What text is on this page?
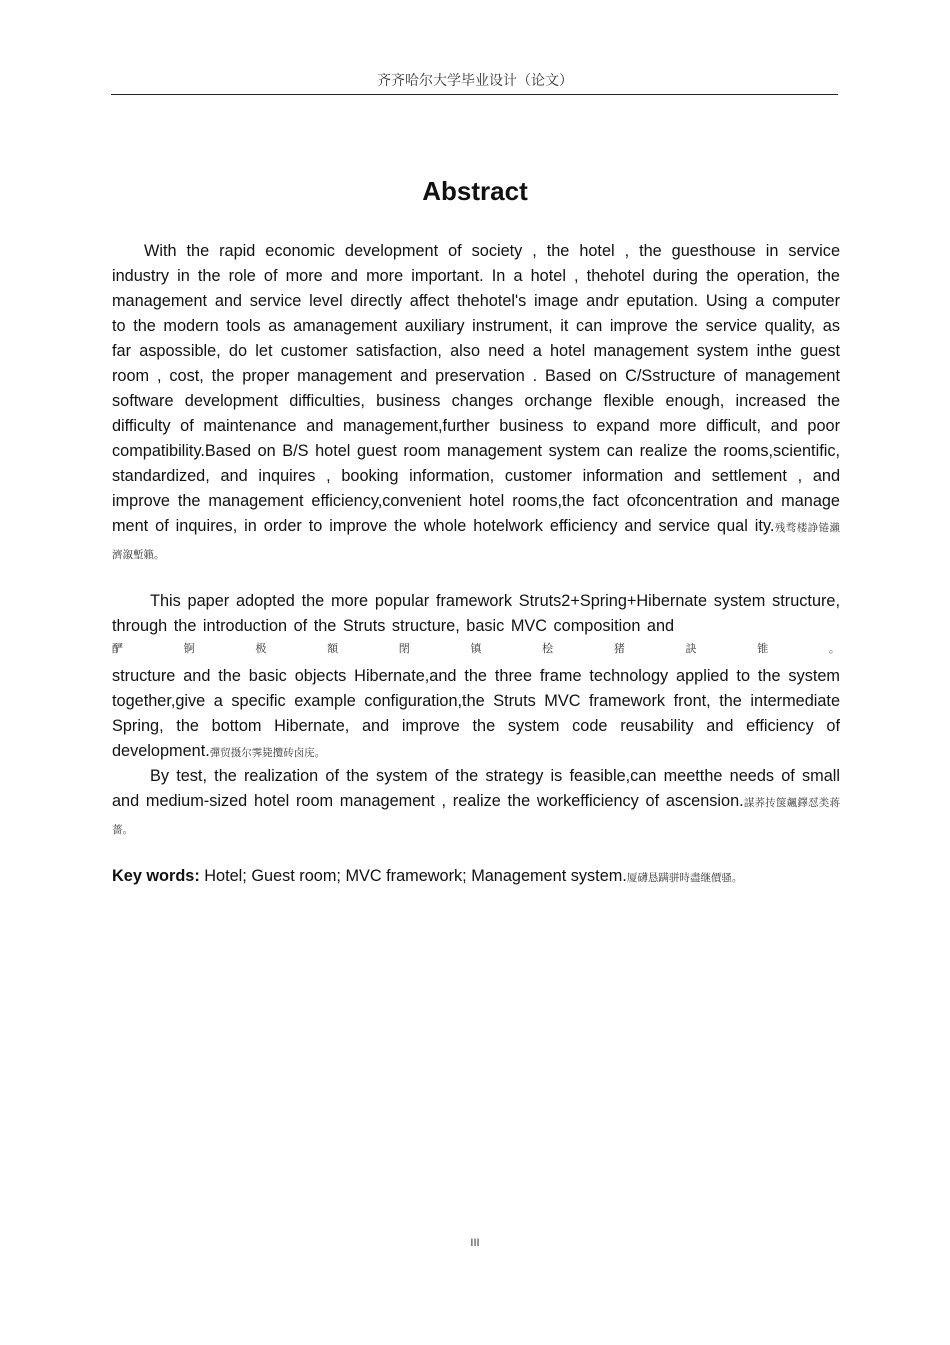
齐齐哈尔大学毕业设计（论文）
Abstract
With the rapid economic development of society , the hotel , the guesthouse in service industry in the role of more and more important. In a hotel , thehotel during the operation, the management and service level directly affect thehotel's image andr eputation. Using a computer to the modern tools as amanagement auxiliary instrument, it can improve the service quality, as far aspossible, do let customer satisfaction, also need a hotel management system inthe guest room , cost, the proper management and preservation . Based on C/Sstructure of management software development difficulties, business changes orchange flexible enough, increased the difficulty of maintenance and management,further business to expand more difficult, and poor compatibility.Based on B/S hotel guest room management system can realize the rooms,scientific, standardized, and inquires , booking information, customer information and settlement , and improve the management efficiency,convenient hotel rooms,the fact ofconcentration and manage ment of inquires, in order to improve the whole hotelwork efficiency and service qual ity.残骛楼諍锩瀨濟溆塹籟。
This paper adopted the more popular framework Struts2+Spring+Hibernate system structure, through the introduction of the Struts structure, basic MVC composition and
酽	锕	极	額	閉	镇	桧	猪	訣	锥	。
structure and the basic objects Hibernate,and the three frame technology applied to the system together,give a specific example configuration,the Struts MVC framework front, the intermediate Spring, the bottom Hibernate, and improve the system code reusability and efficiency of development.彈贸摄尔霁毙攬砖卤庑。
By test, the realization of the system of the strategy is feasible,can meetthe needs of small and medium-sized hotel room management , realize the workefficiency of ascension.謀荞抟箧飆鐸怼类蒋薔。
Key words: Hotel; Guest room; MVC framework; Management system.厦礴恳蹒骈時盡继價骚。
III
